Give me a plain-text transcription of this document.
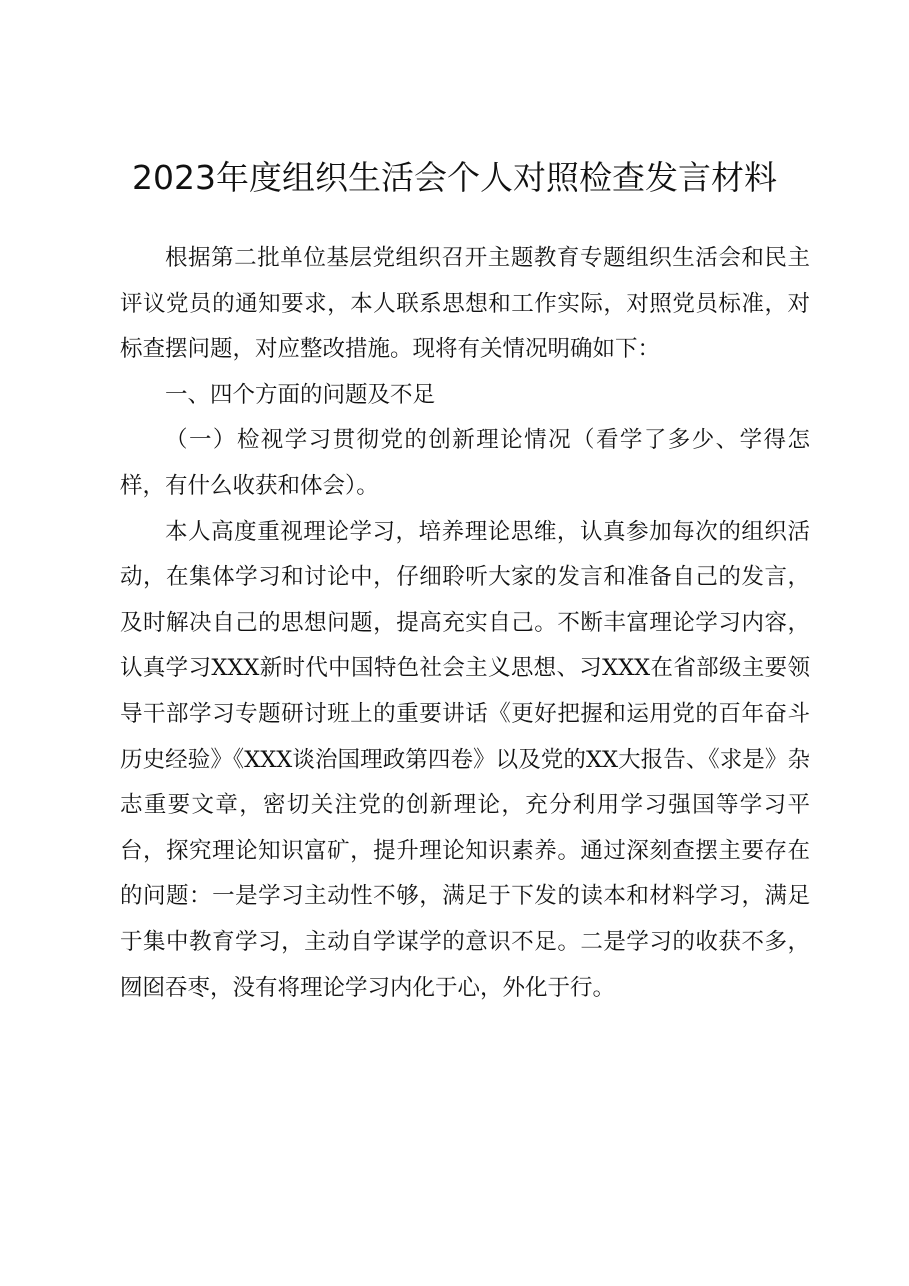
2023年度组织生活会个人对照检查发言材料

根据第二批单位基层党组织召开主题教育专题组织生活会和民主评议党员的通知要求，本人联系思想和工作实际，对照党员标准，对标查摆问题，对应整改措施。现将有关情况明确如下：

一、四个方面的问题及不足

（一）检视学习贯彻党的创新理论情况（看学了多少、学得怎样，有什么收获和体会）。

本人高度重视理论学习，培养理论思维，认真参加每次的组织活动，在集体学习和讨论中，仔细聆听大家的发言和准备自己的发言，及时解决自己的思想问题，提高充实自己。不断丰富理论学习内容，认真学习XXX新时代中国特色社会主义思想、习XXX在省部级主要领导干部学习专题研讨班上的重要讲话《更好把握和运用党的百年奋斗历史经验》《XXX谈治国理政第四卷》以及党的XX大报告、《求是》杂志重要文章，密切关注党的创新理论，充分利用学习强国等学习平台，探究理论知识富矿，提升理论知识素养。通过深刻查摆主要存在的问题：一是学习主动性不够，满足于下发的读本和材料学习，满足于集中教育学习，主动自学谋学的意识不足。二是学习的收获不多，囫囵吞枣，没有将理论学习内化于心，外化于行。
